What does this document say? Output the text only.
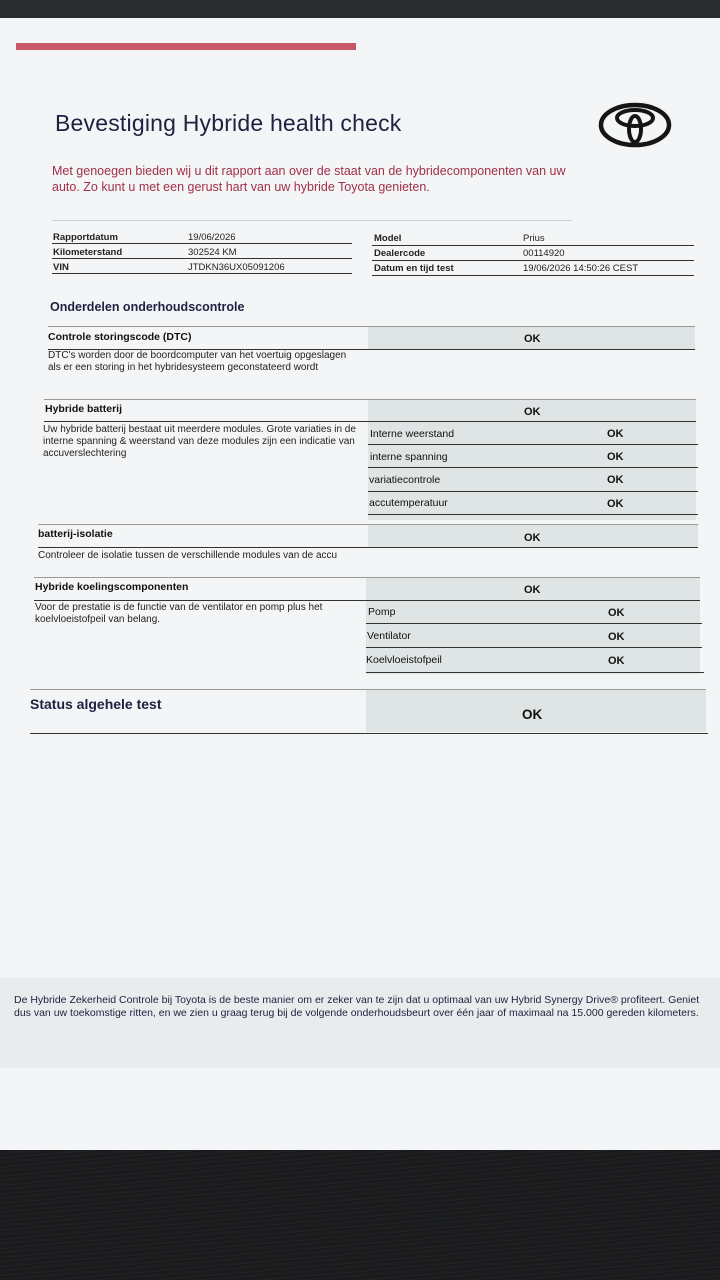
Bevestiging Hybride health check
Met genoegen bieden wij u dit rapport aan over de staat van de hybridecomponenten van uw auto. Zo kunt u met een gerust hart van uw hybride Toyota genieten.
Rapportdatum	19/06/2026
Kilometerstand	302524 KM
VIN	JTDKN36UX05091206
Model	Prius
Dealercode	00114920
Datum en tijd test	19/06/2026 14:50:26 CEST
Onderdelen onderhoudscontrole
Controle storingscode (DTC)	OK
DTC's worden door de boordcomputer van het voertuig opgeslagen als er een storing in het hybridesysteem geconstateerd wordt
Hybride batterij	OK
Uw hybride batterij bestaat uit meerdere modules. Grote variaties in de interne spanning & weerstand van deze modules zijn een indicatie van accuverslechtering
Interne weerstand	OK
interne spanning	OK
variatiecontrole	OK
accutemperatuur	OK
batterij-isolatie	OK
Controleer de isolatie tussen de verschillende modules van de accu
Hybride koelingscomponenten	OK
Voor de prestatie is de functie van de ventilator en pomp plus het koelvloeistofpeil van belang.
Pomp	OK
Ventilator	OK
Koelvloeistofpeil	OK
Status algehele test
OK
De Hybride Zekerheid Controle bij Toyota is de beste manier om er zeker van te zijn dat u optimaal van uw Hybrid Synergy Drive® profiteert. Geniet dus van uw toekomstige ritten, en we zien u graag terug bij de volgende onderhoudsbeurt over één jaar of maximaal na 15.000 gereden kilometers.
